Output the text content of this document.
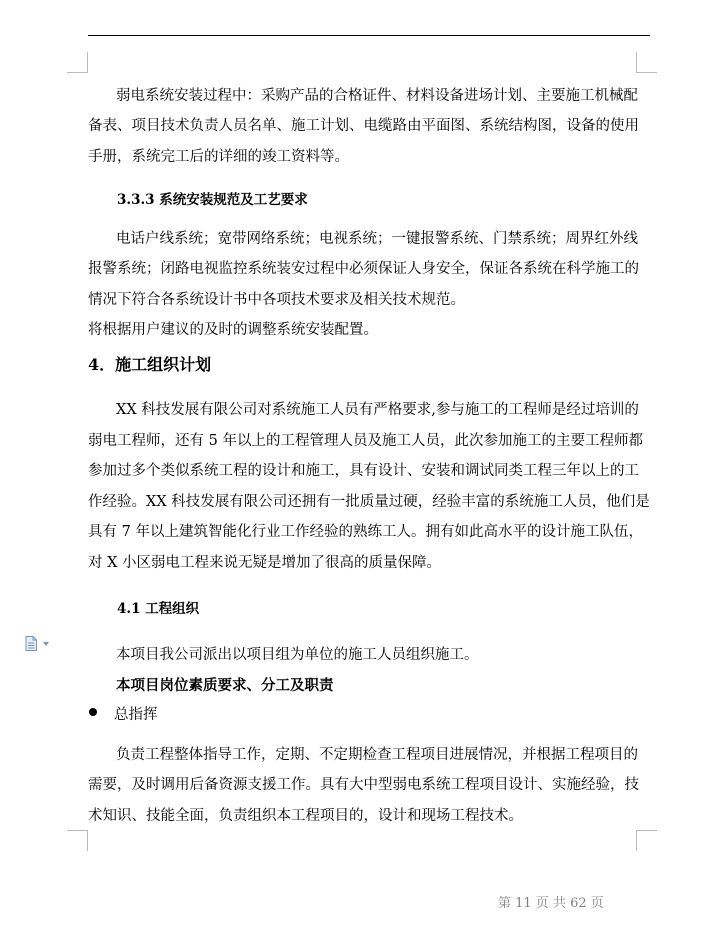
弱电系统安装过程中：采购产品的合格证件、材料设备进场计划、主要施工机械配
备表、项目技术负责人员名单、施工计划、电缆路由平面图、系统结构图，设备的使用
手册，系统完工后的详细的竣工资料等。
3.3.3 系统安装规范及工艺要求
电话户线系统；宽带网络系统；电视系统；一键报警系统、门禁系统；周界红外线
报警系统；闭路电视监控系统装安过程中必须保证人身安全，保证各系统在科学施工的
情况下符合各系统设计书中各项技术要求及相关技术规范。
将根据用户建议的及时的调整系统安装配置。
4．施工组织计划
XX 科技发展有限公司对系统施工人员有严格要求,参与施工的工程师是经过培训的
弱电工程师，还有 5 年以上的工程管理人员及施工人员，此次参加施工的主要工程师都
参加过多个类似系统工程的设计和施工，具有设计、安装和调试同类工程三年以上的工
作经验。XX 科技发展有限公司还拥有一批质量过硬，经验丰富的系统施工人员，他们是
具有 7 年以上建筑智能化行业工作经验的熟练工人。拥有如此高水平的设计施工队伍，
对 X 小区弱电工程来说无疑是增加了很高的质量保障。
4.1 工程组织
本项目我公司派出以项目组为单位的施工人员组织施工。
本项目岗位素质要求、分工及职责
总指挥
负责工程整体指导工作，定期、不定期检查工程项目进展情况，并根据工程项目的
需要，及时调用后备资源支援工作。具有大中型弱电系统工程项目设计、实施经验，技
术知识、技能全面，负责组织本工程项目的，设计和现场工程技术。
第 11 页 共 62 页
